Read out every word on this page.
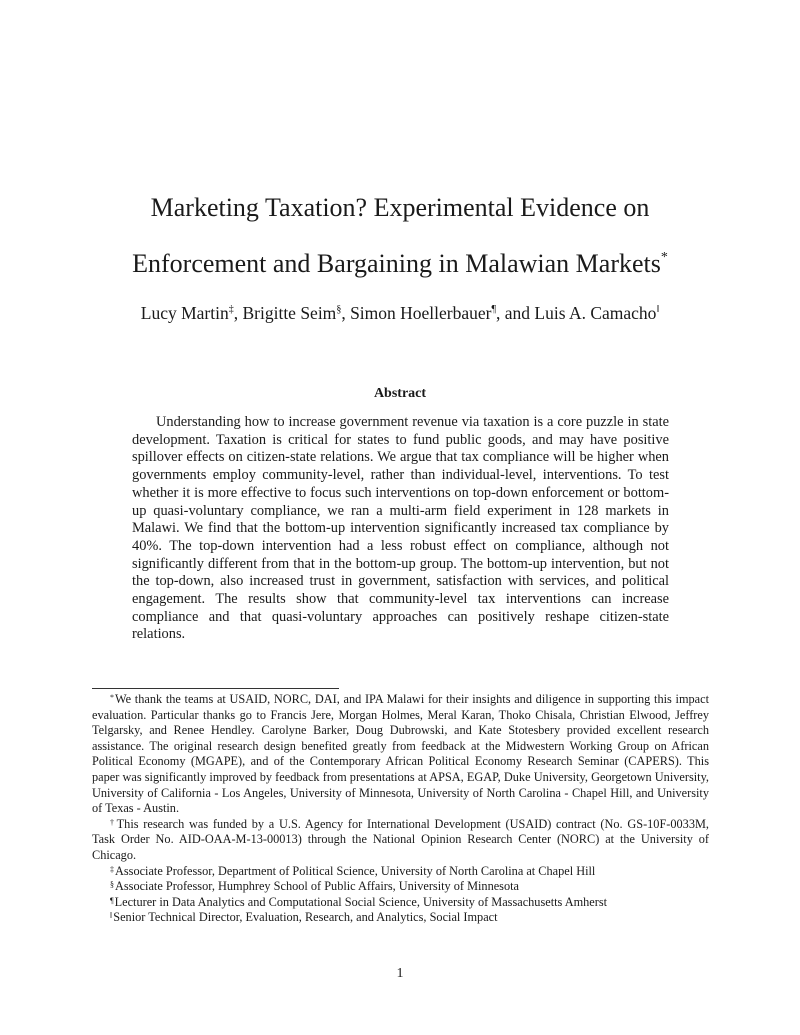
Marketing Taxation? Experimental Evidence on
Enforcement and Bargaining in Malawian Markets*
Lucy Martin‡, Brigitte Seim§, Simon Hoellerbauer¶, and Luis A. Camacho‖
Abstract

Understanding how to increase government revenue via taxation is a core puzzle in state development. Taxation is critical for states to fund public goods, and may have positive spillover effects on citizen-state relations. We argue that tax compliance will be higher when governments employ community-level, rather than individual-level, interventions. To test whether it is more effective to focus such interventions on top-down enforcement or bottom-up quasi-voluntary compliance, we ran a multi-arm field experiment in 128 markets in Malawi. We find that the bottom-up intervention significantly increased tax compliance by 40%. The top-down intervention had a less robust effect on compliance, although not significantly different from that in the bottom-up group. The bottom-up intervention, but not the top-down, also increased trust in government, satisfaction with services, and political engagement. The results show that community-level tax interventions can increase compliance and that quasi-voluntary approaches can positively reshape citizen-state relations.

*We thank the teams at USAID, NORC, DAI, and IPA Malawi for their insights and diligence in supporting this impact evaluation. Particular thanks go to Francis Jere, Morgan Holmes, Meral Karan, Thoko Chisala, Christian Elwood, Jeffrey Telgarsky, and Renee Hendley. Carolyne Barker, Doug Dubrowski, and Kate Stotesbery provided excellent research assistance. The original research design benefited greatly from feedback at the Midwestern Working Group on African Political Economy (MGAPE), and of the Contemporary African Political Economy Research Seminar (CAPERS). This paper was significantly improved by feedback from presentations at APSA, EGAP, Duke University, Georgetown University, University of California - Los Angeles, University of Minnesota, University of North Carolina - Chapel Hill, and University of Texas - Austin.

†This research was funded by a U.S. Agency for International Development (USAID) contract (No. GS-10F-0033M, Task Order No. AID-OAA-M-13-00013) through the National Opinion Research Center (NORC) at the University of Chicago.

‡Associate Professor, Department of Political Science, University of North Carolina at Chapel Hill

§Associate Professor, Humphrey School of Public Affairs, University of Minnesota

¶Lecturer in Data Analytics and Computational Social Science, University of Massachusetts Amherst

‖Senior Technical Director, Evaluation, Research, and Analytics, Social Impact

1
